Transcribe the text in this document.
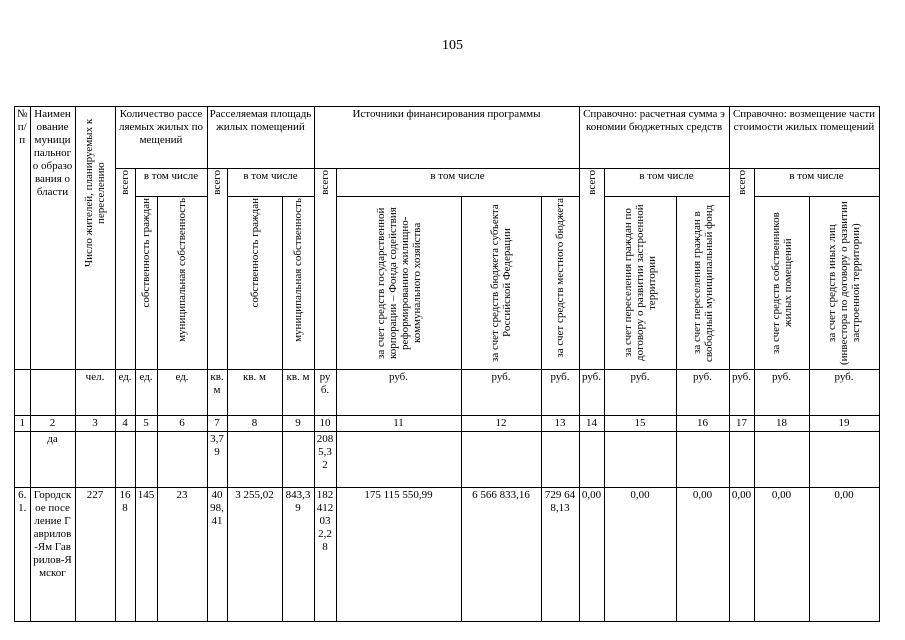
105
№ п/п	Наименование муниципального образования области	Число жителей, планируемых к переселению	Количество расселяемых жилых помещений			Расселяемая площадь жилых помещений			Источники финансирования программы				Справочно: расчетная сумма экономии бюджетных средств			Справочно: возмещение части стоимости жилых помещений		

			всего	в том числе		всего	в том числе		всего	в том числе			всего	в том числе		всего	в том числе	

				собственность граждан	муниципальная собственность		собственность граждан	муниципальная собственность		за счет средств государственной корпорации – Фонда содействия реформированию жилищно-коммунального хозяйства	за счет средств бюджета субъекта Российской Федерации	за счет средств местного бюджета		за счет переселения граждан по договору о развитии застроенной территории	за счет переселения граждан в свободный муниципальный фонд		за счет средств собственников жилых помещений	за счет средств иных лиц (инвестора по договору о развитии застроенной территории)

		чел.	ед.	ед.	ед.	кв. м	кв. м	кв. м	руб.	руб.	руб.	руб.	руб.	руб.	руб.	руб.	руб.	руб.
1	2	3	4	5	6	7	8	9	10	11	12	13	14	15	16	17	18	19
	да					3,79			208 5,32									
6.1.	Городское поселение Гаврилов-Ям Гаврилов-Ямског	227	168	145	23	4098,41	3 255,02	843,39	182 412 032,28	175 115 550,99	6 566 833,16	729 648,13	0,00	0,00	0,00	0,00	0,00	0,00
